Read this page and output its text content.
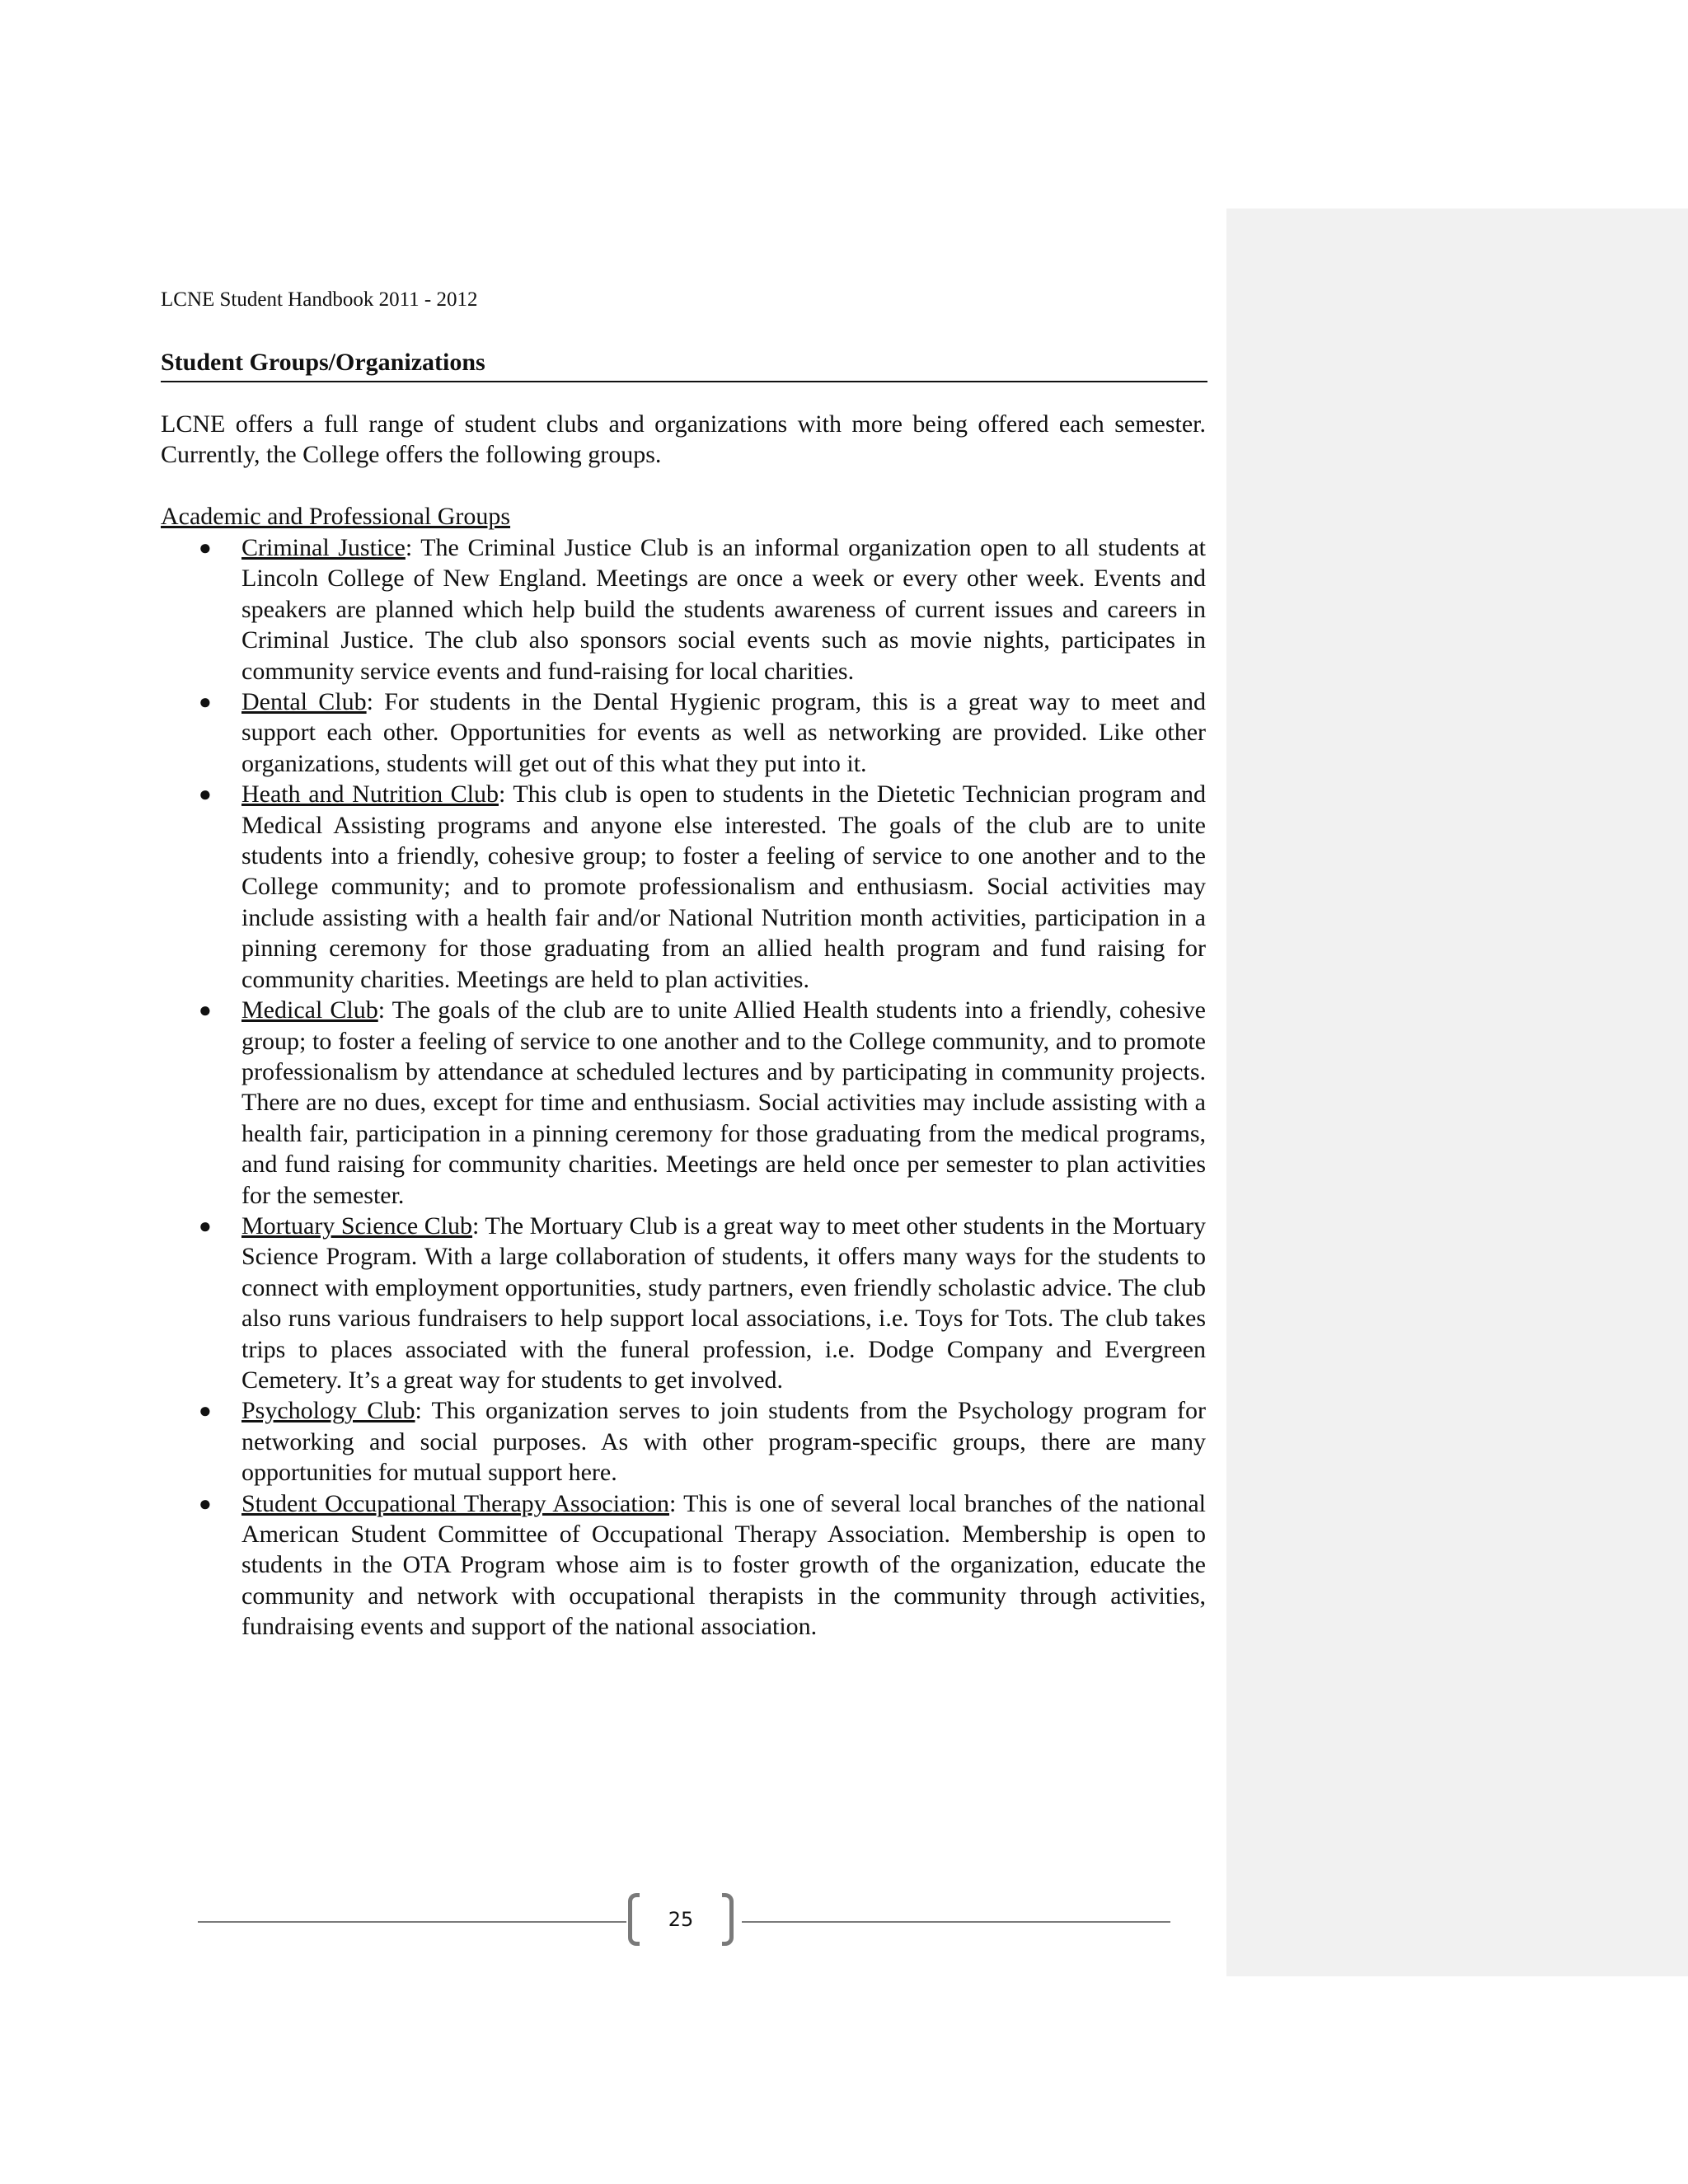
LCNE Student Handbook 2011 - 2012
Student Groups/Organizations

LCNE offers a full range of student clubs and organizations with more being offered each semester. Currently, the College offers the following groups.

Academic and Professional Groups
● Criminal Justice: The Criminal Justice Club is an informal organization open to all students at Lincoln College of New England. Meetings are once a week or every other week. Events and speakers are planned which help build the students awareness of current issues and careers in Criminal Justice. The club also sponsors social events such as movie nights, participates in community service events and fund-raising for local charities.
● Dental Club: For students in the Dental Hygienic program, this is a great way to meet and support each other. Opportunities for events as well as networking are provided. Like other organizations, students will get out of this what they put into it.
● Heath and Nutrition Club: This club is open to students in the Dietetic Technician program and Medical Assisting programs and anyone else interested. The goals of the club are to unite students into a friendly, cohesive group; to foster a feeling of service to one another and to the College community; and to promote professionalism and enthusiasm. Social activities may include assisting with a health fair and/or National Nutrition month activities, participation in a pinning ceremony for those graduating from an allied health program and fund raising for community charities. Meetings are held to plan activities.
● Medical Club: The goals of the club are to unite Allied Health students into a friendly, cohesive group; to foster a feeling of service to one another and to the College community, and to promote professionalism by attendance at scheduled lectures and by participating in community projects. There are no dues, except for time and enthusiasm. Social activities may include assisting with a health fair, participation in a pinning ceremony for those graduating from the medical programs, and fund raising for community charities. Meetings are held once per semester to plan activities for the semester.
● Mortuary Science Club: The Mortuary Club is a great way to meet other students in the Mortuary Science Program. With a large collaboration of students, it offers many ways for the students to connect with employment opportunities, study partners, even friendly scholastic advice. The club also runs various fundraisers to help support local associations, i.e. Toys for Tots. The club takes trips to places associated with the funeral profession, i.e. Dodge Company and Evergreen Cemetery. It’s a great way for students to get involved.
● Psychology Club: This organization serves to join students from the Psychology program for networking and social purposes. As with other program-specific groups, there are many opportunities for mutual support here.
● Student Occupational Therapy Association: This is one of several local branches of the national American Student Committee of Occupational Therapy Association. Membership is open to students in the OTA Program whose aim is to foster growth of the organization, educate the community and network with occupational therapists in the community through activities, fundraising events and support of the national association.
25
